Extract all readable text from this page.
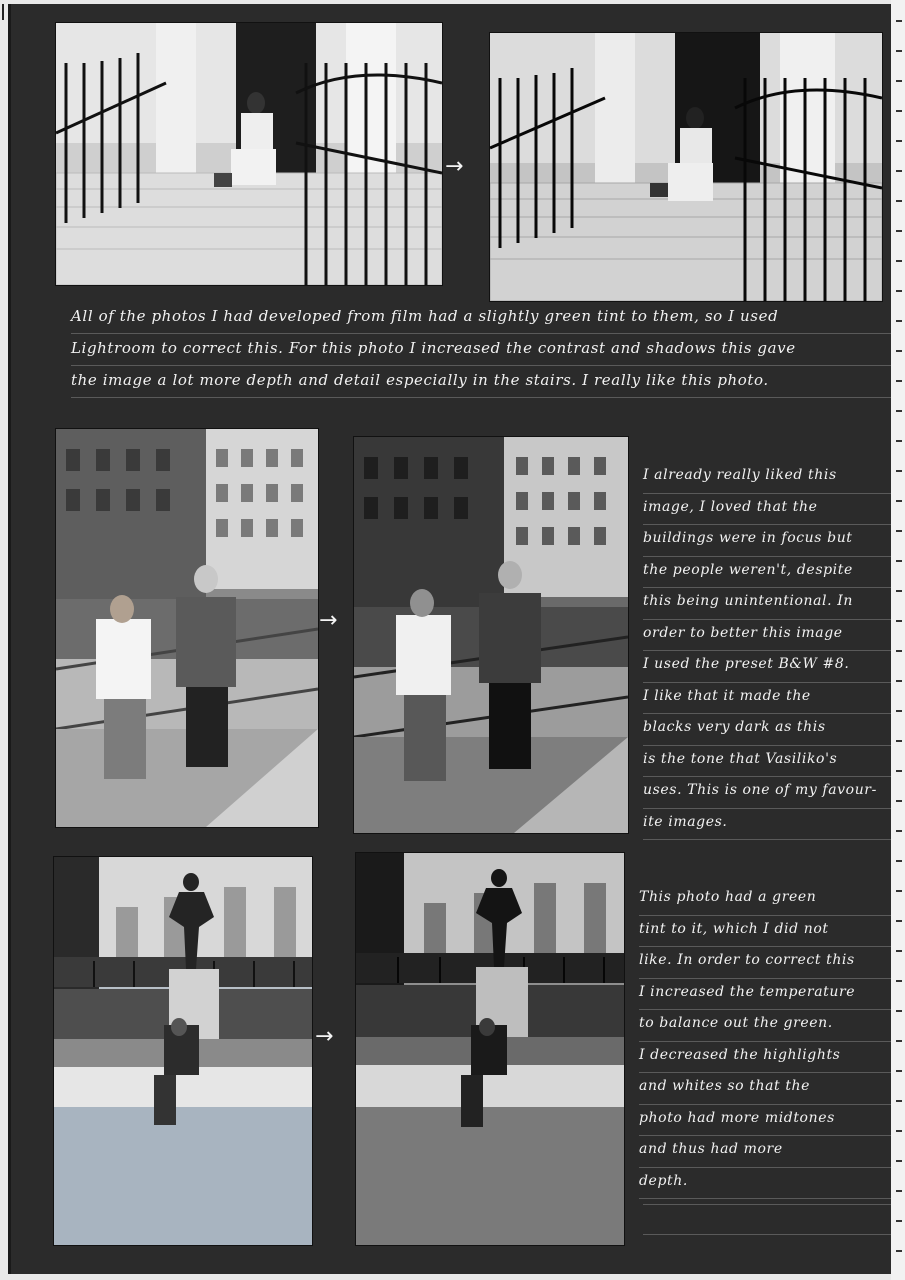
→
All of the photos I had developed from film had a slightly green tint to them, so I used
Lightroom to correct this. For this photo I increased the contrast and shadows this gave
the image a lot more depth and detail especially in the stairs. I really like this photo.
→
I already really liked this
image, I loved that the
buildings were in focus but
the people weren't, despite
this being unintentional. In
order to better this image
I used the preset B&W #8.
I like that it made the
blacks very dark as this
is the tone that Vasiliko's
uses. This is one of my favour-
ite images.
→
This photo had a green
tint to it, which I did not
like. In order to correct this
I increased the temperature
to balance out the green.
I decreased the highlights
and whites so that the
photo had more midtones
and thus had more
depth.
